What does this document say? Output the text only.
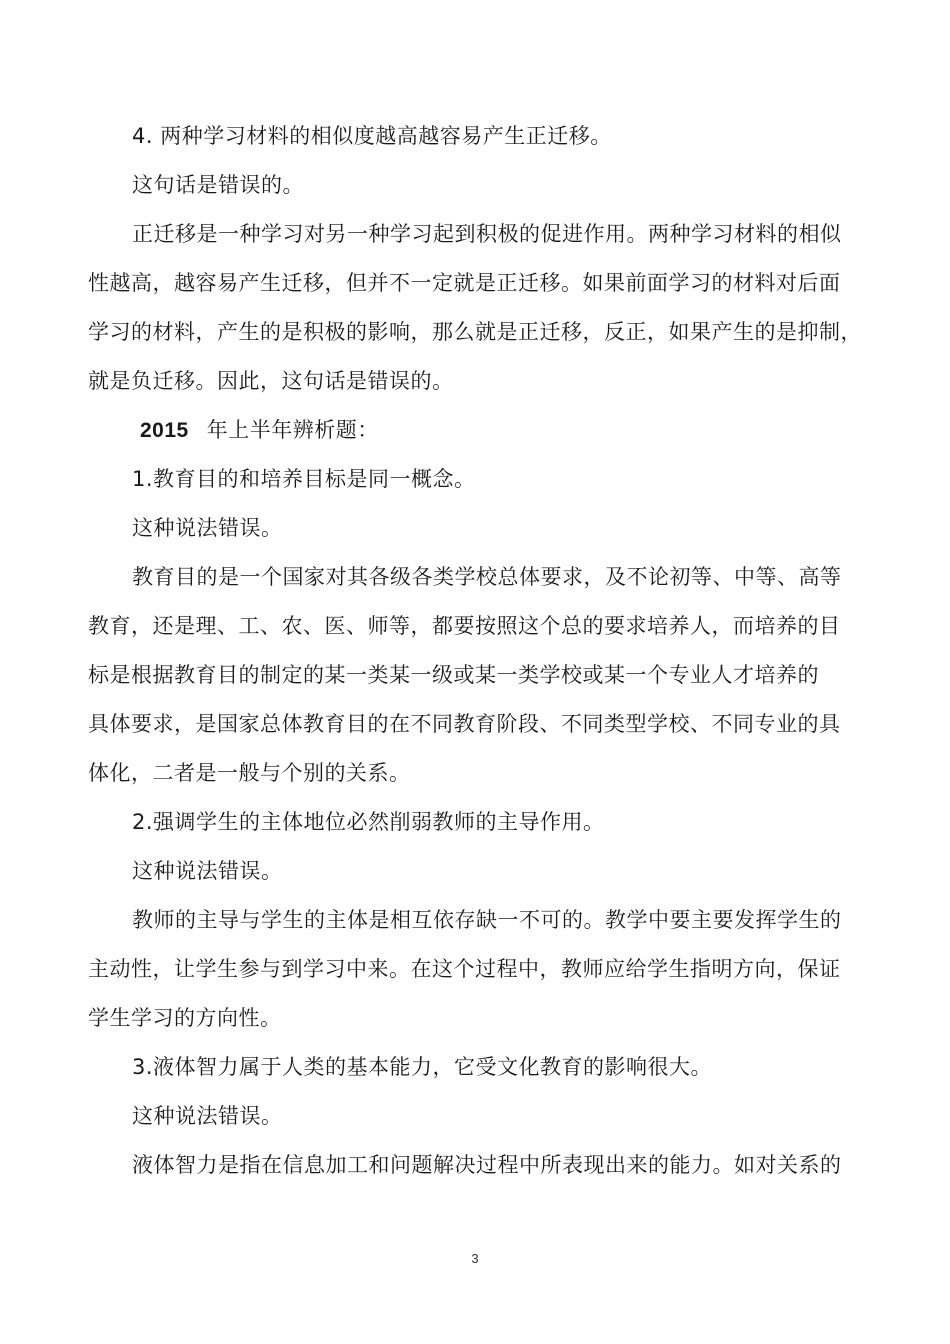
4. 两种学习材料的相似度越高越容易产生正迁移。

这句话是错误的。

正迁移是一种学习对另一种学习起到积极的促进作用。两种学习材料的相似

性越高，越容易产生迁移，但并不一定就是正迁移。如果前面学习的材料对后面

学习的材料，产生的是积极的影响，那么就是正迁移，反正，如果产生的是抑制，

就是负迁移。因此，这句话是错误的。

2015 年上半年辨析题：

1.教育目的和培养目标是同一概念。

这种说法错误。

教育目的是一个国家对其各级各类学校总体要求，及不论初等、中等、高等

教育，还是理、工、农、医、师等，都要按照这个总的要求培养人，而培养的目

标是根据教育目的制定的某一类某一级或某一类学校或某一个专业人才培养的

具体要求，是国家总体教育目的在不同教育阶段、不同类型学校、不同专业的具

体化，二者是一般与个别的关系。

2.强调学生的主体地位必然削弱教师的主导作用。

这种说法错误。

教师的主导与学生的主体是相互依存缺一不可的。教学中要主要发挥学生的

主动性，让学生参与到学习中来。在这个过程中，教师应给学生指明方向，保证

学生学习的方向性。

3.液体智力属于人类的基本能力，它受文化教育的影响很大。

这种说法错误。

液体智力是指在信息加工和问题解决过程中所表现出来的能力。如对关系的

3
